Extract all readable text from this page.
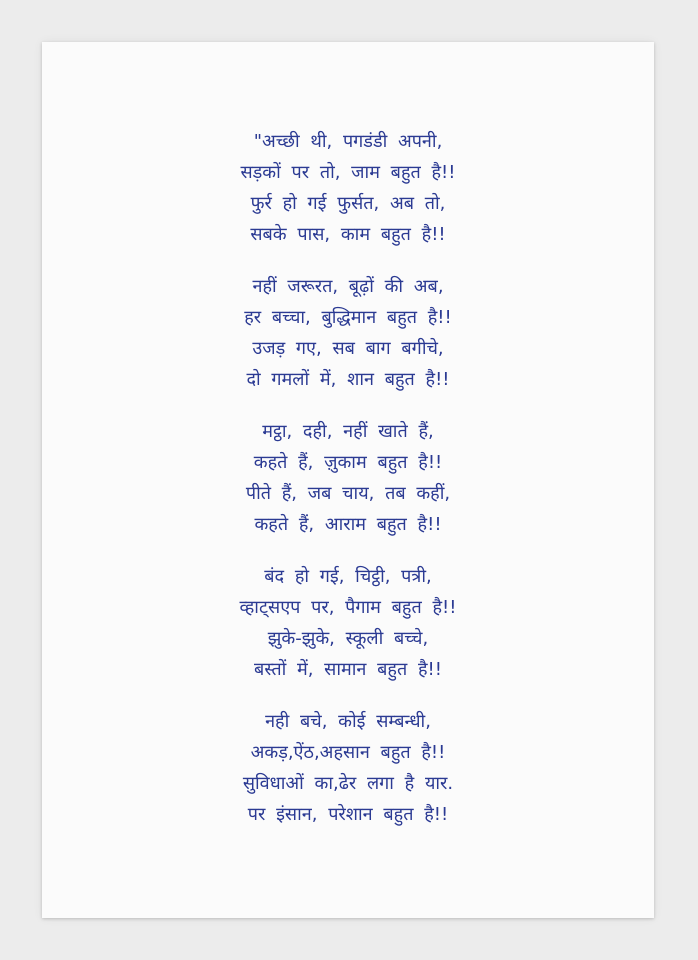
"अच्छी थी, पगडंडी अपनी,
सड़कों पर तो, जाम बहुत है!!
फुर्र हो गई फुर्सत, अब तो,
सबके पास, काम बहुत है!!
नहीं जरूरत, बूढ़ों की अब,
हर बच्चा, बुद्धिमान बहुत है!!
उजड़ गए, सब बाग बगीचे,
दो गमलों में, शान बहुत है!!
मट्ठा, दही, नहीं खाते हैं,
कहते हैं, ज़ुकाम बहुत है!!
पीते हैं, जब चाय, तब कहीं,
कहते हैं, आराम बहुत है!!
बंद हो गई, चिट्ठी, पत्री,
व्हाट्सएप पर, पैगाम बहुत है!!
झुके-झुके, स्कूली बच्चे,
बस्तों में, सामान बहुत है!!
नही बचे, कोई सम्बन्धी,
अकड़,ऐंठ,अहसान बहुत है!!
सुविधाओं का,ढेर लगा है यार.
पर इंसान, परेशान बहुत है!!
